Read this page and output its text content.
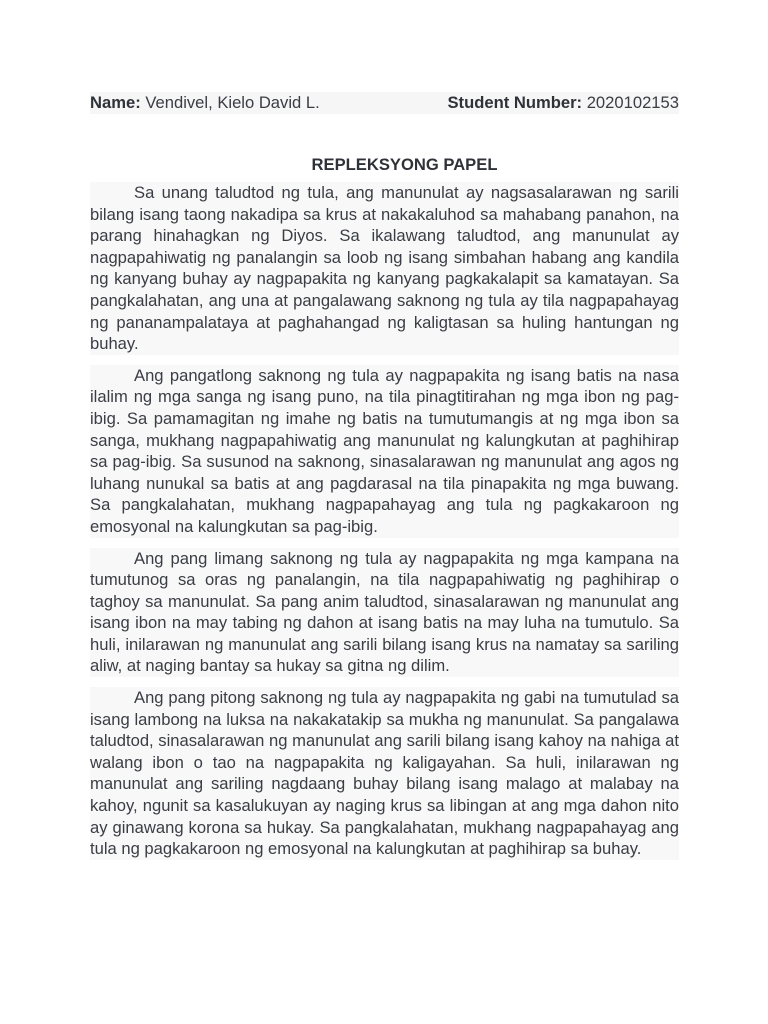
Name: Vendivel, Kielo David L.	Student Number: 2020102153
REPLEKSYONG PAPEL

Sa unang taludtod ng tula, ang manunulat ay nagsasalarawan ng sarili bilang isang taong nakadipa sa krus at nakakaluhod sa mahabang panahon, na parang hinahagkan ng Diyos. Sa ikalawang taludtod, ang manunulat ay nagpapahiwatig ng panalangin sa loob ng isang simbahan habang ang kandila ng kanyang buhay ay nagpapakita ng kanyang pagkakalapit sa kamatayan. Sa pangkalahatan, ang una at pangalawang saknong ng tula ay tila nagpapahayag ng pananampalataya at paghahangad ng kaligtasan sa huling hantungan ng buhay.

Ang pangatlong saknong ng tula ay nagpapakita ng isang batis na nasa ilalim ng mga sanga ng isang puno, na tila pinagtitirahan ng mga ibon ng pag-ibig. Sa pamamagitan ng imahe ng batis na tumutumangis at ng mga ibon sa sanga, mukhang nagpapahiwatig ang manunulat ng kalungkutan at paghihirap sa pag-ibig. Sa susunod na saknong, sinasalarawan ng manunulat ang agos ng luhang nunukal sa batis at ang pagdarasal na tila pinapakita ng mga buwang. Sa pangkalahatan, mukhang nagpapahayag ang tula ng pagkakaroon ng emosyonal na kalungkutan sa pag-ibig.

Ang pang limang saknong ng tula ay nagpapakita ng mga kampana na tumutunog sa oras ng panalangin, na tila nagpapahiwatig ng paghihirap o taghoy sa manunulat. Sa pang anim taludtod, sinasalarawan ng manunulat ang isang ibon na may tabing ng dahon at isang batis na may luha na tumutulo. Sa huli, inilarawan ng manunulat ang sarili bilang isang krus na namatay sa sariling aliw, at naging bantay sa hukay sa gitna ng dilim.

Ang pang pitong saknong ng tula ay nagpapakita ng gabi na tumutulad sa isang lambong na luksa na nakakatakip sa mukha ng manunulat. Sa pangalawa taludtod, sinasalarawan ng manunulat ang sarili bilang isang kahoy na nahiga at walang ibon o tao na nagpapakita ng kaligayahan. Sa huli, inilarawan ng manunulat ang sariling nagdaang buhay bilang isang malago at malabay na kahoy, ngunit sa kasalukuyan ay naging krus sa libingan at ang mga dahon nito ay ginawang korona sa hukay. Sa pangkalahatan, mukhang nagpapahayag ang tula ng pagkakaroon ng emosyonal na kalungkutan at paghihirap sa buhay.
